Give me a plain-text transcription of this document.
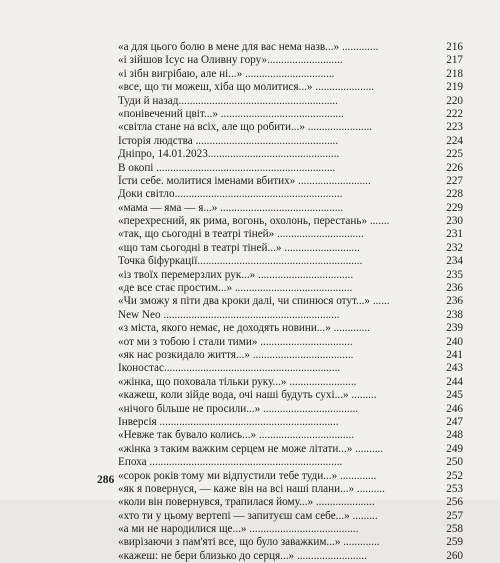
«а для цього болю в мене для вас нема назв...» .............	216
«і зійшов Ісус на Оливну гору»...........................	217
«і зібн вигрібаю, але ні...» ................................	218
«все, що ти можеш, хіба що молитися...» .....................	219
Туди й назад.........................................................	220
«понівечений цвіт...» ............................................	222
«світла стане на всіх, але що робити...» .......................	223
Історія людства ...................................................	224
Дніпро, 14.01.2023...............................................	225
В окопі ................................................................	226
Їсти себе. молитися іменами вбитих» ..........................	227
Доки світло............................................................	228
«мама — яма — я...» ............................................	229
«перехресний, як рима, вогонь, охолонь, перестань» .......	230
«так, що сьогодні в театрі тіней» ...............................	231
«що там сьогодні в театрі тіней...» ...........................	232
Точка біфуркації...........................................................	234
«із твоїх перемерзлих рук...» ..................................	235
«де все стає простим...» ..........................................	236
«Чи зможу я піти два кроки далі, чи спинюся отут...» ......	236
New Neo ...............................................................	238
«з міста, якого немає, не доходять новини...» .............	239
«от ми з тобою і стали тими» .................................	240
«як нас розкидало життя...» ....................................	241
Іконостас...............................................................	243
«жінка, що поховала тільки руку...» ........................	244
«кажеш, коли зійде вода, очі наші будуть сухі...» .........	245
«нічого більше не просили...» ..................................	246
Інверсія ................................................................	247
«Невже так бувало колись...» ..................................	248
«жінка з таким важким серцем не може літати...» ..........	249
Епоха .....................................................................	250
«сорок років тому ми відпустили тебе туди...» .............	252
«як я повернуся, — каже він на всі наші плани...» ..........	253
«коли він повернувся, трапилася йому...» .....................	256
«хто ти у цьому вертепі — запитуєш сам себе...» .........	257
«а ми не народилися ще...» .......................................	258
«вирізаючи з пам'яті все, що було заважким...» .............	259
«кажеш: не бери близько до серця...» .........................	260
286
